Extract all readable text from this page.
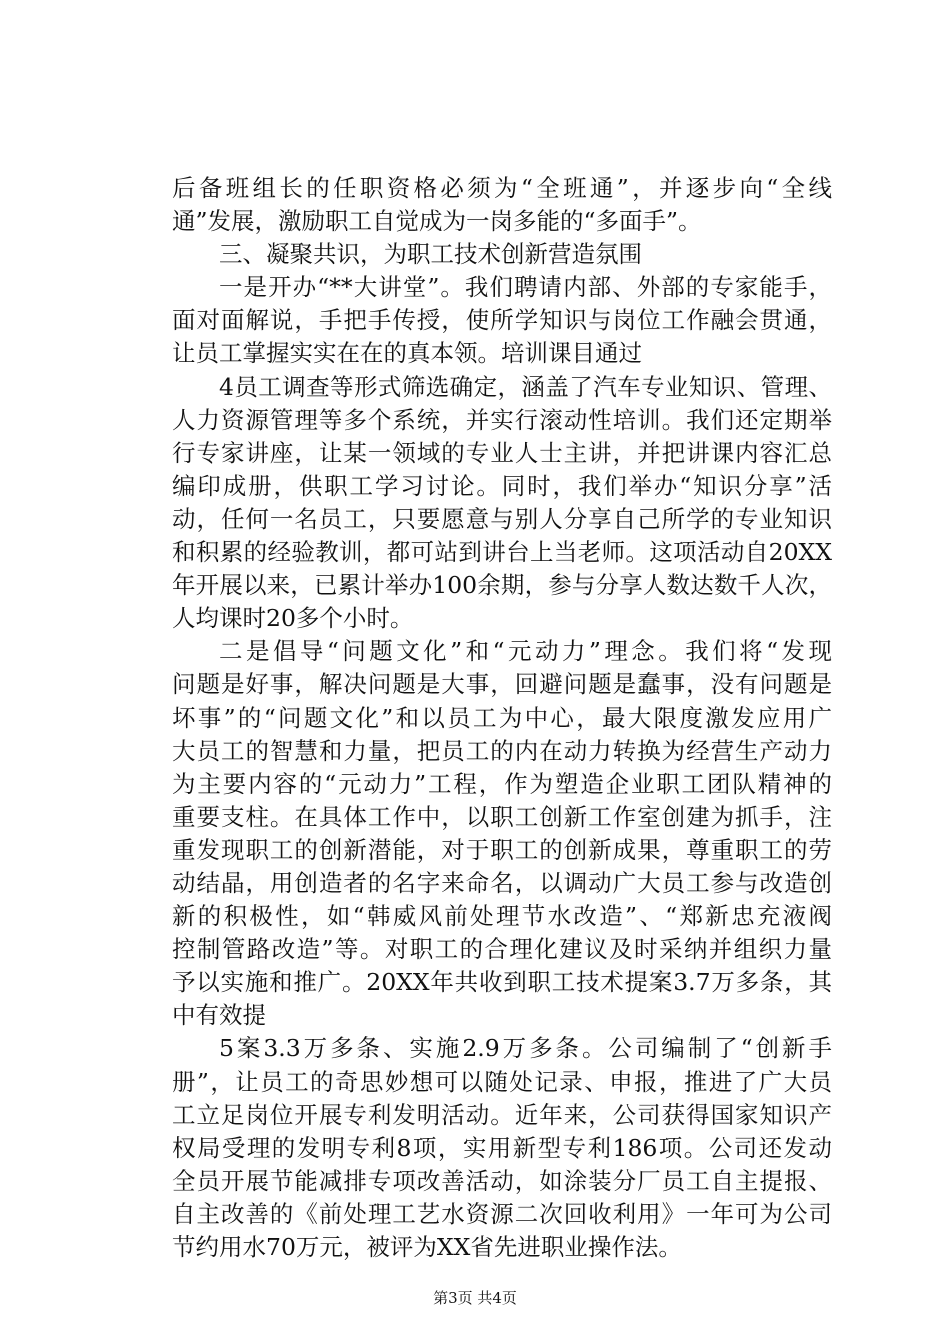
后备班组长的任职资格必须为“全班通”，并逐步向“全线
通”发展，激励职工自觉成为一岗多能的“多面手”。
三、凝聚共识，为职工技术创新营造氛围
一是开办“**大讲堂”。我们聘请内部、外部的专家能手，
面对面解说，手把手传授，使所学知识与岗位工作融会贯通，
让员工掌握实实在在的真本领。培训课目通过
4员工调查等形式筛选确定，涵盖了汽车专业知识、管理、
人力资源管理等多个系统，并实行滚动性培训。我们还定期举
行专家讲座，让某一领域的专业人士主讲，并把讲课内容汇总
编印成册，供职工学习讨论。同时，我们举办“知识分享”活
动，任何一名员工，只要愿意与别人分享自己所学的专业知识
和积累的经验教训，都可站到讲台上当老师。这项活动自20XX
年开展以来，已累计举办100余期，参与分享人数达数千人次，
人均课时20多个小时。
二是倡导“问题文化”和“元动力”理念。我们将“发现
问题是好事，解决问题是大事，回避问题是蠢事，没有问题是
坏事”的“问题文化”和以员工为中心，最大限度激发应用广
大员工的智慧和力量，把员工的内在动力转换为经营生产动力
为主要内容的“元动力”工程，作为塑造企业职工团队精神的
重要支柱。在具体工作中，以职工创新工作室创建为抓手，注
重发现职工的创新潜能，对于职工的创新成果，尊重职工的劳
动结晶，用创造者的名字来命名，以调动广大员工参与改造创
新的积极性，如“韩威风前处理节水改造”、“郑新忠充液阀
控制管路改造”等。对职工的合理化建议及时采纳并组织力量
予以实施和推广。20XX年共收到职工技术提案3.7万多条，其
中有效提
5案3.3万多条、实施2.9万多条。公司编制了“创新手
册”，让员工的奇思妙想可以随处记录、申报，推进了广大员
工立足岗位开展专利发明活动。近年来，公司获得国家知识产
权局受理的发明专利8项，实用新型专利186项。公司还发动
全员开展节能减排专项改善活动，如涂装分厂员工自主提报、
自主改善的《前处理工艺水资源二次回收利用》一年可为公司
节约用水70万元，被评为XX省先进职业操作法。
第3页 共4页
